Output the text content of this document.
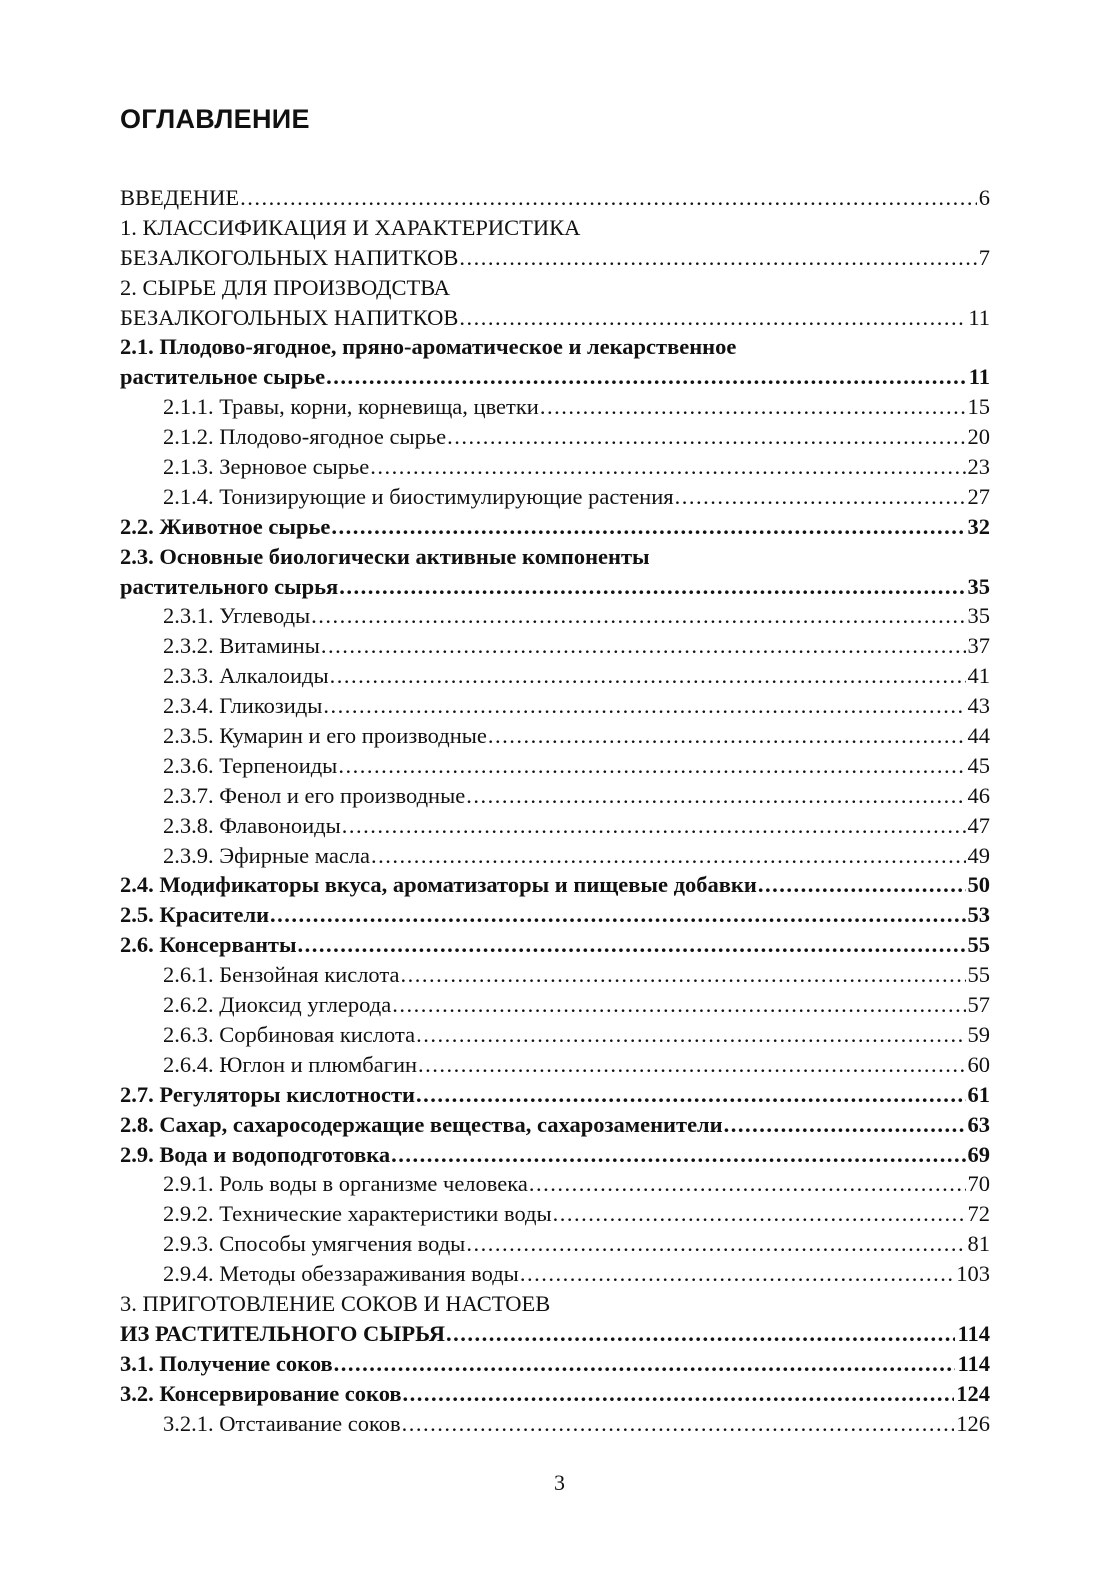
ОГЛАВЛЕНИЕ
ВВЕДЕНИЕ .....	6
1. КЛАССИФИКАЦИЯ И ХАРАКТЕРИСТИКА
БЕЗАЛКОГОЛЬНЫХ НАПИТКОВ .....	7
2. СЫРЬЕ ДЛЯ ПРОИЗВОДСТВА
БЕЗАЛКОГОЛЬНЫХ НАПИТКОВ .....	11
2.1. Плодово-ягодное, пряно-ароматическое и лекарственное
растительное сырье .....	11
2.1.1. Травы, корни, корневища, цветки .....	15
2.1.2. Плодово-ягодное сырье .....	20
2.1.3. Зерновое сырье .....	23
2.1.4. Тонизирующие и биостимулирующие растения .....	27
2.2. Животное сырье .....	32
2.3. Основные биологически активные компоненты
растительного сырья .....	35
2.3.1. Углеводы .....	35
2.3.2. Витамины .....	37
2.3.3. Алкалоиды .....	41
2.3.4. Гликозиды .....	43
2.3.5. Кумарин и его производные .....	44
2.3.6. Терпеноиды .....	45
2.3.7. Фенол и его производные .....	46
2.3.8. Флавоноиды .....	47
2.3.9. Эфирные масла .....	49
2.4. Модификаторы вкуса, ароматизаторы и пищевые добавки .....	50
2.5. Красители .....	53
2.6. Консерванты .....	55
2.6.1. Бензойная кислота .....	55
2.6.2. Диоксид углерода .....	57
2.6.3. Сорбиновая кислота .....	59
2.6.4. Юглон и плюмбагин .....	60
2.7. Регуляторы кислотности .....	61
2.8. Сахар, сахаросодержащие вещества, сахарозаменители .....	63
2.9. Вода и водоподготовка .....	69
2.9.1. Роль воды в организме человека .....	70
2.9.2. Технические характеристики воды .....	72
2.9.3. Способы умягчения воды .....	81
2.9.4. Методы обеззараживания воды .....	103
3. ПРИГОТОВЛЕНИЕ СОКОВ И НАСТОЕВ
ИЗ РАСТИТЕЛЬНОГО СЫРЬЯ .....	114
3.1. Получение соков .....	114
3.2. Консервирование соков .....	124
3.2.1. Отстаивание соков .....	126
3
